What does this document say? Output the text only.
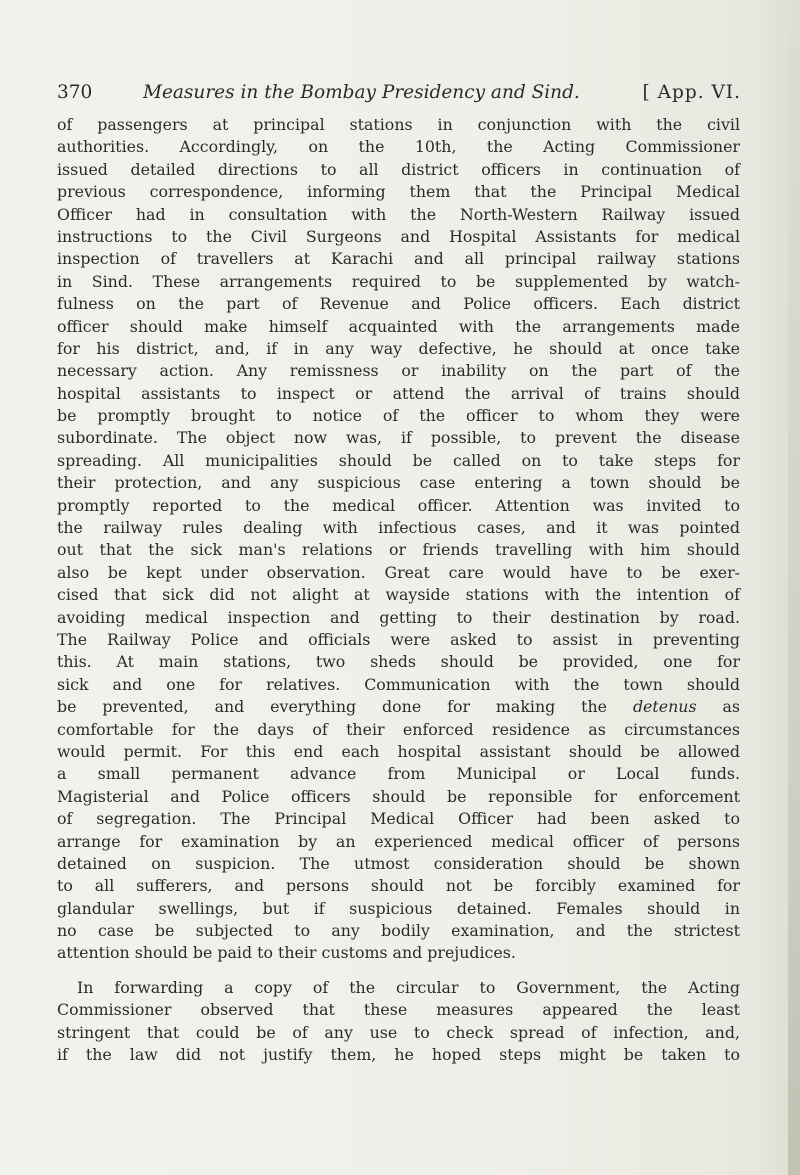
370	Measures in the Bombay Presidency and Sind.	[ App. VI.
of passengers at principal stations in conjunction with the civil
authorities. Accordingly, on the 10th, the Acting Commissioner
issued detailed directions to all district officers in continuation of
previous correspondence, informing them that the Principal Medical
Officer had in consultation with the North-Western Railway issued
instructions to the Civil Surgeons and Hospital Assistants for medical
inspection of travellers at Karachi and all principal railway stations
in Sind. These arrangements required to be supplemented by watch-
fulness on the part of Revenue and Police officers. Each district
officer should make himself acquainted with the arrangements made
for his district, and, if in any way defective, he should at once take
necessary action. Any remissness or inability on the part of the
hospital assistants to inspect or attend the arrival of trains should
be promptly brought to notice of the officer to whom they were
subordinate. The object now was, if possible, to prevent the disease
spreading. All municipalities should be called on to take steps for
their protection, and any suspicious case entering a town should be
promptly reported to the medical officer. Attention was invited to
the railway rules dealing with infectious cases, and it was pointed
out that the sick man's relations or friends travelling with him should
also be kept under observation. Great care would have to be exer-
cised that sick did not alight at wayside stations with the intention of
avoiding medical inspection and getting to their destination by road.
The Railway Police and officials were asked to assist in preventing
this. At main stations, two sheds should be provided, one for
sick and one for relatives. Communication with the town should
be prevented, and everything done for making the detenus as
comfortable for the days of their enforced residence as circumstances
would permit. For this end each hospital assistant should be allowed
a small permanent advance from Municipal or Local funds.
Magisterial and Police officers should be reponsible for enforcement
of segregation. The Principal Medical Officer had been asked to
arrange for examination by an experienced medical officer of persons
detained on suspicion. The utmost consideration should be shown
to all sufferers, and persons should not be forcibly examined for
glandular swellings, but if suspicious detained. Females should in
no case be subjected to any bodily examination, and the strictest
attention should be paid to their customs and prejudices.
In forwarding a copy of the circular to Government, the Acting
Commissioner observed that these measures appeared the least
stringent that could be of any use to check spread of infection, and,
if the law did not justify them, he hoped steps might be taken to
